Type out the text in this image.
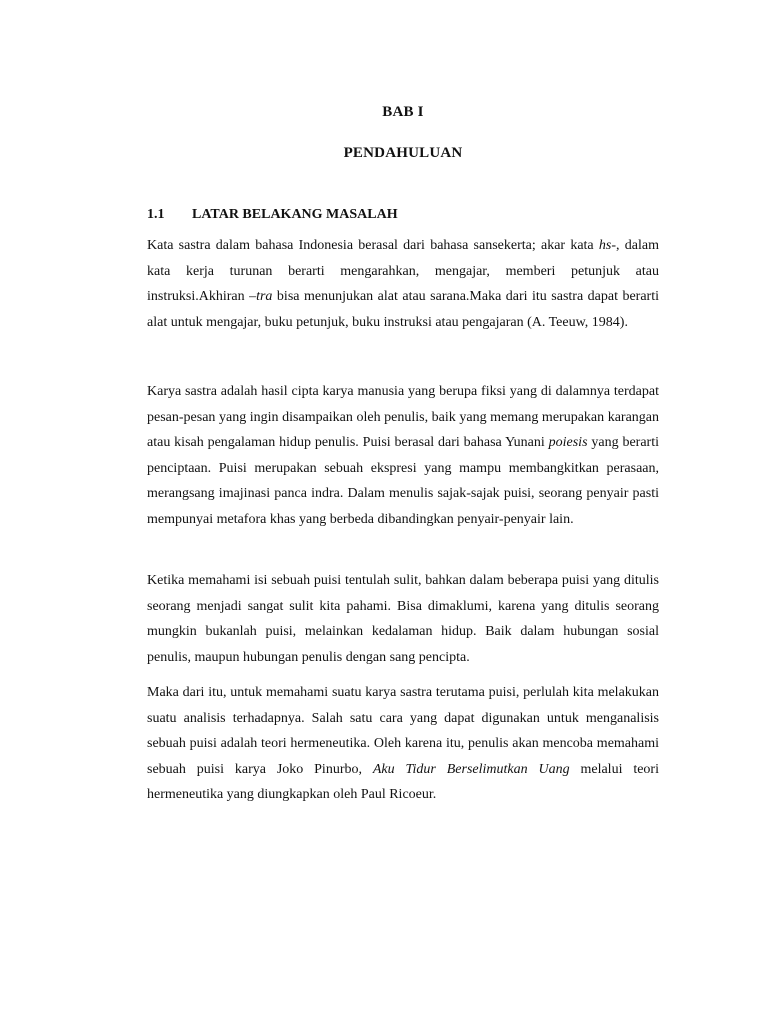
BAB I
PENDAHULUAN
1.1 LATAR BELAKANG MASALAH

Kata sastra dalam bahasa Indonesia berasal dari bahasa sansekerta; akar kata hs-, dalam kata kerja turunan berarti mengarahkan, mengajar, memberi petunjuk atau instruksi.Akhiran –tra bisa menunjukan alat atau sarana.Maka dari itu sastra dapat berarti alat untuk mengajar, buku petunjuk, buku instruksi atau pengajaran (A. Teeuw, 1984).

Karya sastra adalah hasil cipta karya manusia yang berupa fiksi yang di dalamnya terdapat pesan-pesan yang ingin disampaikan oleh penulis, baik yang memang merupakan karangan atau kisah pengalaman hidup penulis. Puisi berasal dari bahasa Yunani poiesis yang berarti penciptaan. Puisi merupakan sebuah ekspresi yang mampu membangkitkan perasaan, merangsang imajinasi panca indra. Dalam menulis sajak-sajak puisi, seorang penyair pasti mempunyai metafora khas yang berbeda dibandingkan penyair-penyair lain.

Ketika memahami isi sebuah puisi tentulah sulit, bahkan dalam beberapa puisi yang ditulis seorang menjadi sangat sulit kita pahami. Bisa dimaklumi, karena yang ditulis seorang mungkin bukanlah puisi, melainkan kedalaman hidup. Baik dalam hubungan sosial penulis, maupun hubungan penulis dengan sang pencipta.

Maka dari itu, untuk memahami suatu karya sastra terutama puisi, perlulah kita melakukan suatu analisis terhadapnya. Salah satu cara yang dapat digunakan untuk menganalisis sebuah puisi adalah teori hermeneutika. Oleh karena itu, penulis akan mencoba memahami sebuah puisi karya Joko Pinurbo, Aku Tidur Berselimutkan Uang melalui teori hermeneutika yang diungkapkan oleh Paul Ricoeur.
